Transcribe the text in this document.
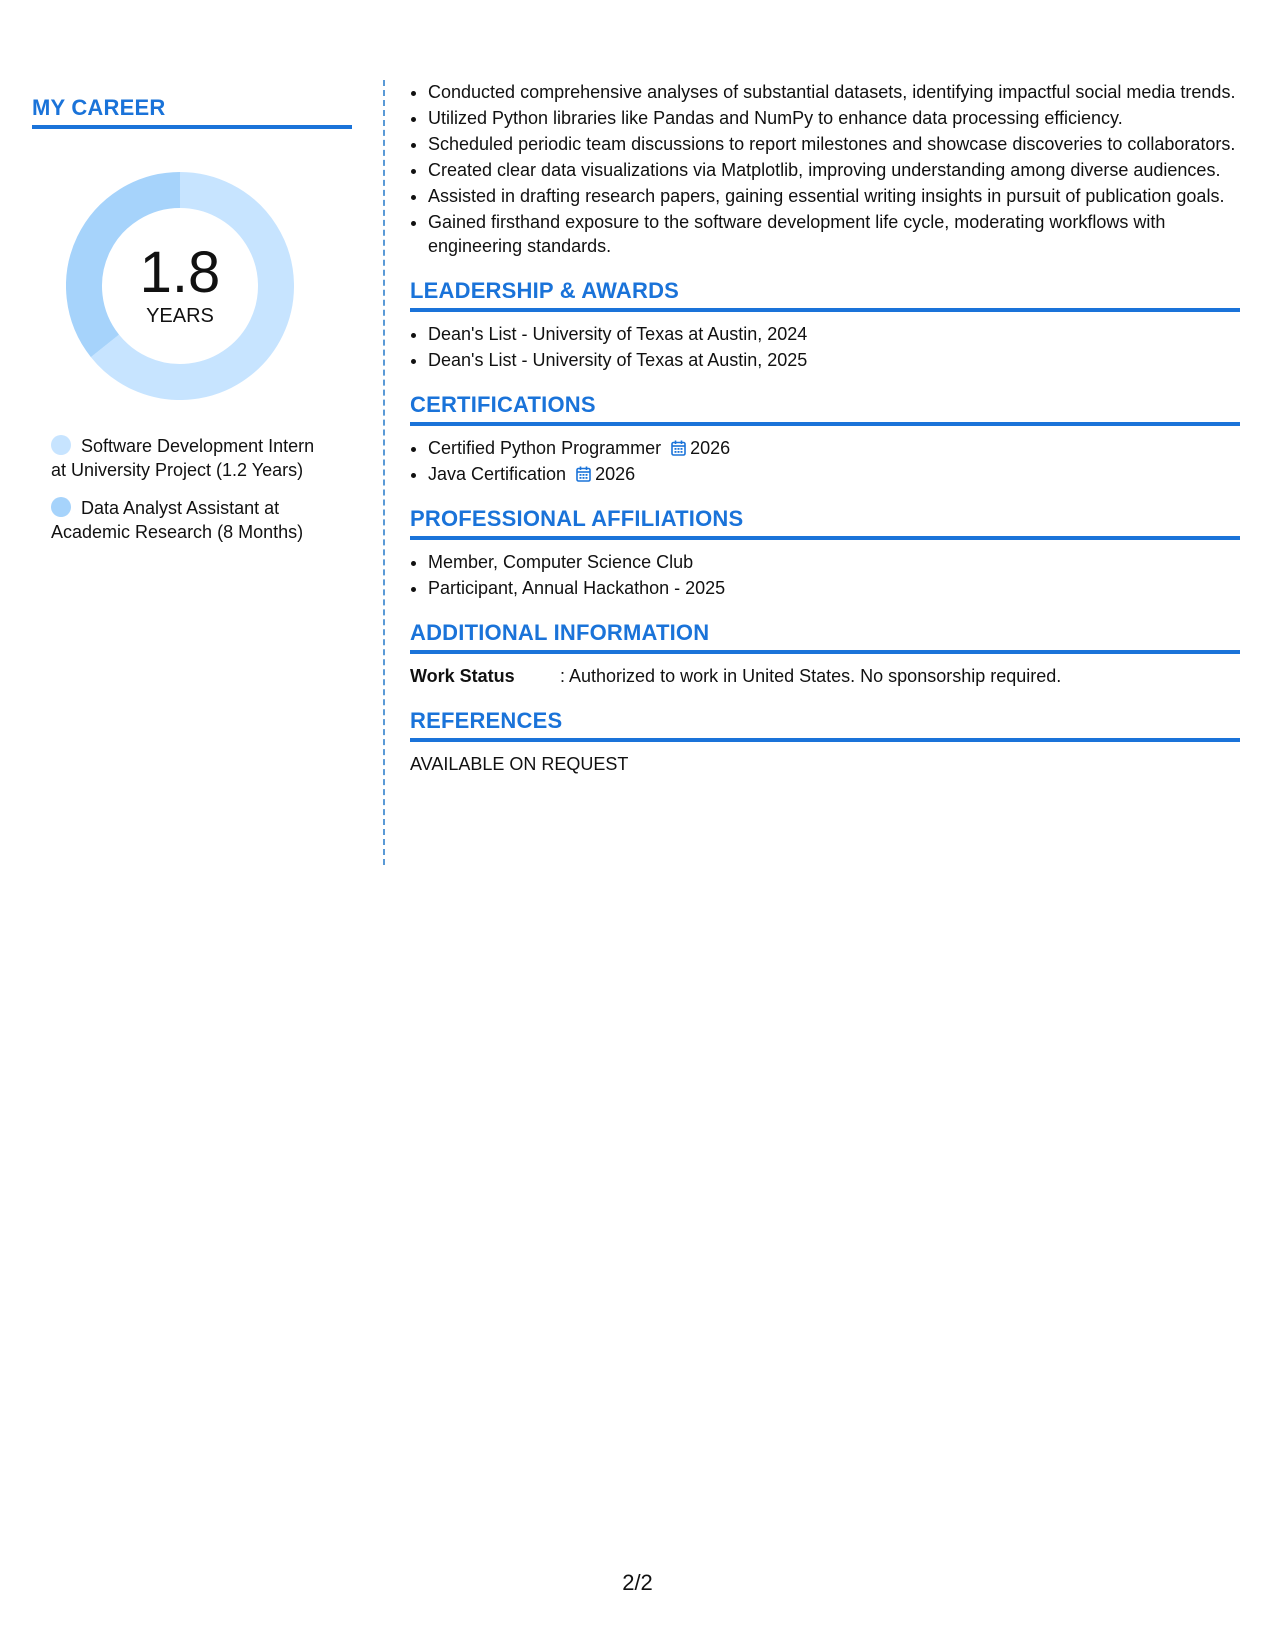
MY CAREER
1.8
YEARS
Software Development Intern at University Project (1.2 Years)
Data Analyst Assistant at Academic Research (8 Months)
• Conducted comprehensive analyses of substantial datasets, identifying impactful social media trends.
• Utilized Python libraries like Pandas and NumPy to enhance data processing efficiency.
• Scheduled periodic team discussions to report milestones and showcase discoveries to collaborators.
• Created clear data visualizations via Matplotlib, improving understanding among diverse audiences.
• Assisted in drafting research papers, gaining essential writing insights in pursuit of publication goals.
• Gained firsthand exposure to the software development life cycle, moderating workflows with engineering standards.
LEADERSHIP & AWARDS
• Dean's List - University of Texas at Austin, 2024
• Dean's List - University of Texas at Austin, 2025
CERTIFICATIONS
• Certified Python Programmer 2026
• Java Certification 2026
PROFESSIONAL AFFILIATIONS
• Member, Computer Science Club
• Participant, Annual Hackathon - 2025
ADDITIONAL INFORMATION
Work Status	: Authorized to work in United States. No sponsorship required.
REFERENCES
AVAILABLE ON REQUEST
2/2
